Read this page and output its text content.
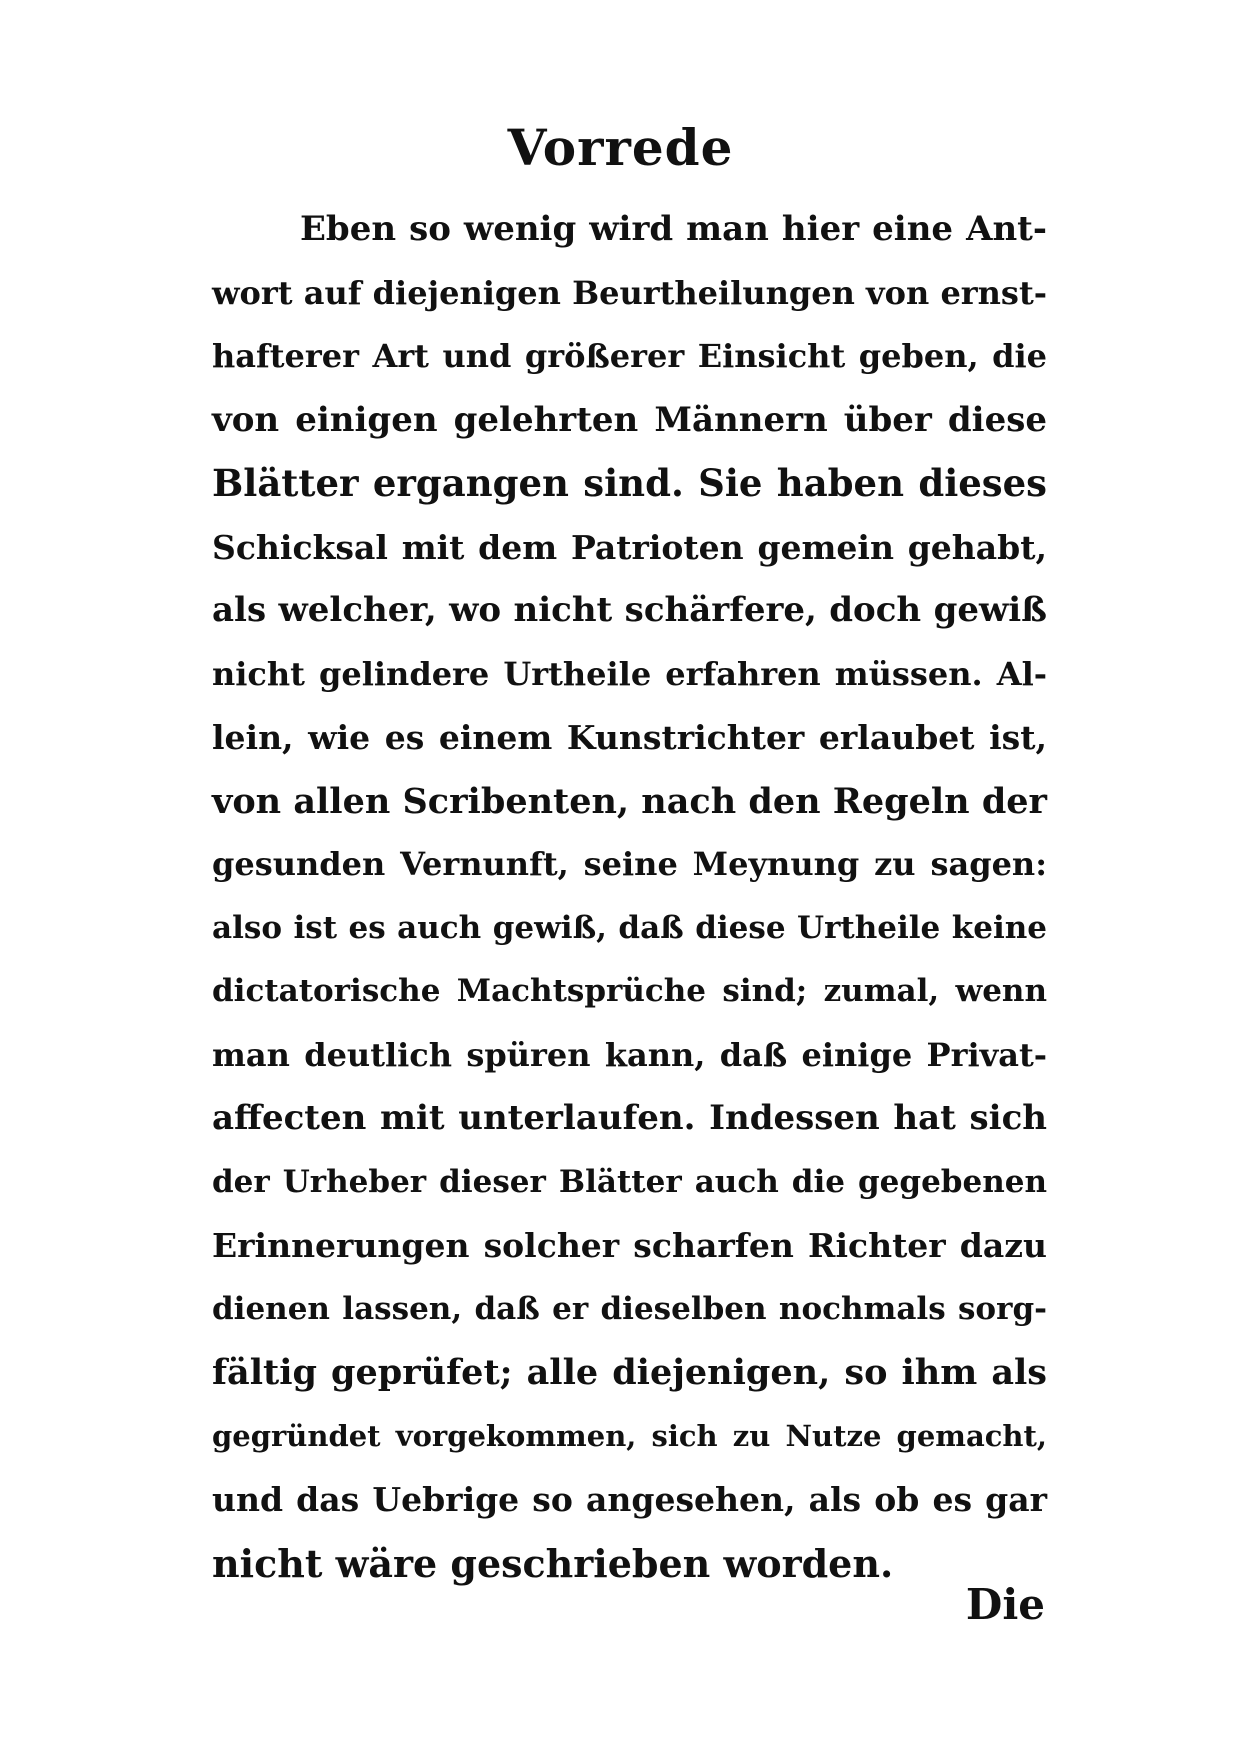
Vorrede
Eben so wenig wird man hier eine Ant-
wort auf diejenigen Beurtheilungen von ernst-
hafterer Art und größerer Einsicht geben, die
von einigen gelehrten Männern über diese
Blätter ergangen sind. Sie haben dieses
Schicksal mit dem Patrioten gemein gehabt,
als welcher, wo nicht schärfere, doch gewiß
nicht gelindere Urtheile erfahren müssen. Al-
lein, wie es einem Kunstrichter erlaubet ist,
von allen Scribenten, nach den Regeln der
gesunden Vernunft, seine Meynung zu sagen:
also ist es auch gewiß, daß diese Urtheile keine
dictatorische Machtsprüche sind; zumal, wenn
man deutlich spüren kann, daß einige Privat-
affecten mit unterlaufen. Indessen hat sich
der Urheber dieser Blätter auch die gegebenen
Erinnerungen solcher scharfen Richter dazu
dienen lassen, daß er dieselben nochmals sorg-
fältig geprüfet; alle diejenigen, so ihm als
gegründet vorgekommen, sich zu Nutze gemacht,
und das Uebrige so angesehen, als ob es gar
nicht wäre geschrieben worden.
Die
